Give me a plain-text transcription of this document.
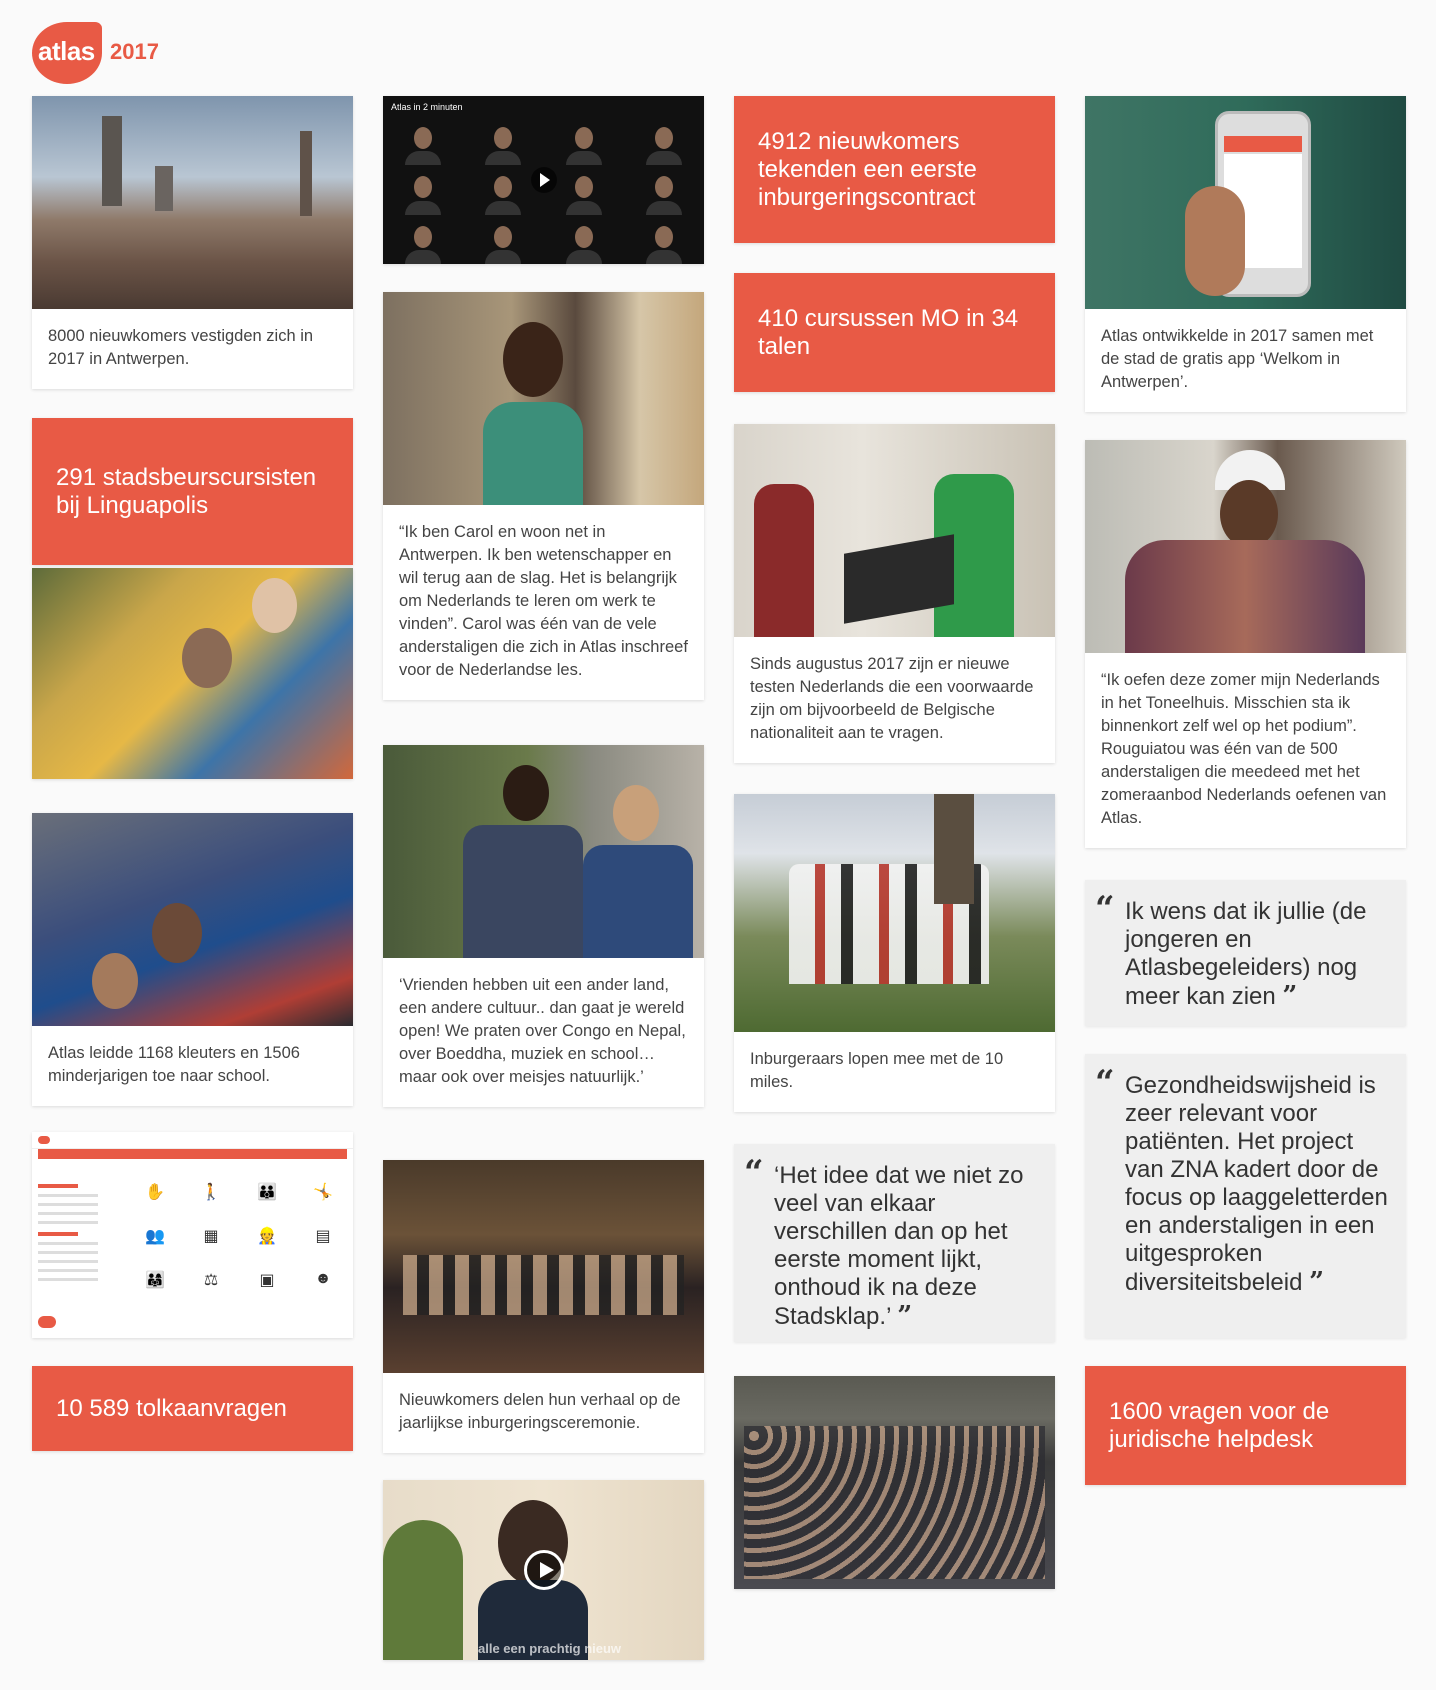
atlas 2017
8000 nieuwkomers vestigden zich in 2017 in Antwerpen.
291 stadsbeurscursisten bij Linguapolis
Atlas leidde 1168 kleuters en 1506 minderjarigen toe naar school.
✋	🚶	👪	🤸
👥	▦	👷	▤
👨‍👩‍👧	⚖	▣	☻
10 589 tolkaanvragen
Atlas in 2 minuten
“Ik ben Carol en woon net in Antwerpen. Ik ben wetenschapper en wil terug aan de slag. Het is belangrijk om Nederlands te leren om werk te vinden”. Carol was één van de vele anderstaligen die zich in Atlas inschreef voor de Nederlandse les.
‘Vrienden hebben uit een ander land, een andere cultuur.. dan gaat je wereld open! We praten over Congo en Nepal, over Boeddha, muziek en school… maar ook over meisjes natuurlijk.’
Nieuwkomers delen hun verhaal op de jaarlijkse inburgeringsceremonie.
alle een prachtig nieuw
4912 nieuwkomers tekenden een eerste inburgeringscontract
410 cursussen MO in 34 talen
Sinds augustus 2017 zijn er nieuwe testen Nederlands die een voorwaarde zijn om bijvoorbeeld de Belgische nationaliteit aan te vragen.
Inburgeraars lopen mee met de 10 miles.
“ ‘Het idee dat we niet zo veel van elkaar verschillen dan op het eerste moment lijkt, onthoud ik na deze Stadsklap.’ ”
Atlas ontwikkelde in 2017 samen met de stad de gratis app ‘Welkom in Antwerpen’.
“Ik oefen deze zomer mijn Nederlands in het Toneelhuis. Misschien sta ik binnenkort zelf wel op het podium”. Rouguiatou was één van de 500 anderstaligen die meedeed met het zomeraanbod Nederlands oefenen van Atlas.
“ Ik wens dat ik jullie (de jongeren en Atlasbegeleiders) nog meer kan zien ”
“ Gezondheidswijsheid is zeer relevant voor patiënten. Het project van ZNA kadert door de focus op laaggeletterden en anderstaligen in een uitgesproken diversiteitsbeleid ”
1600 vragen voor de juridische helpdesk
